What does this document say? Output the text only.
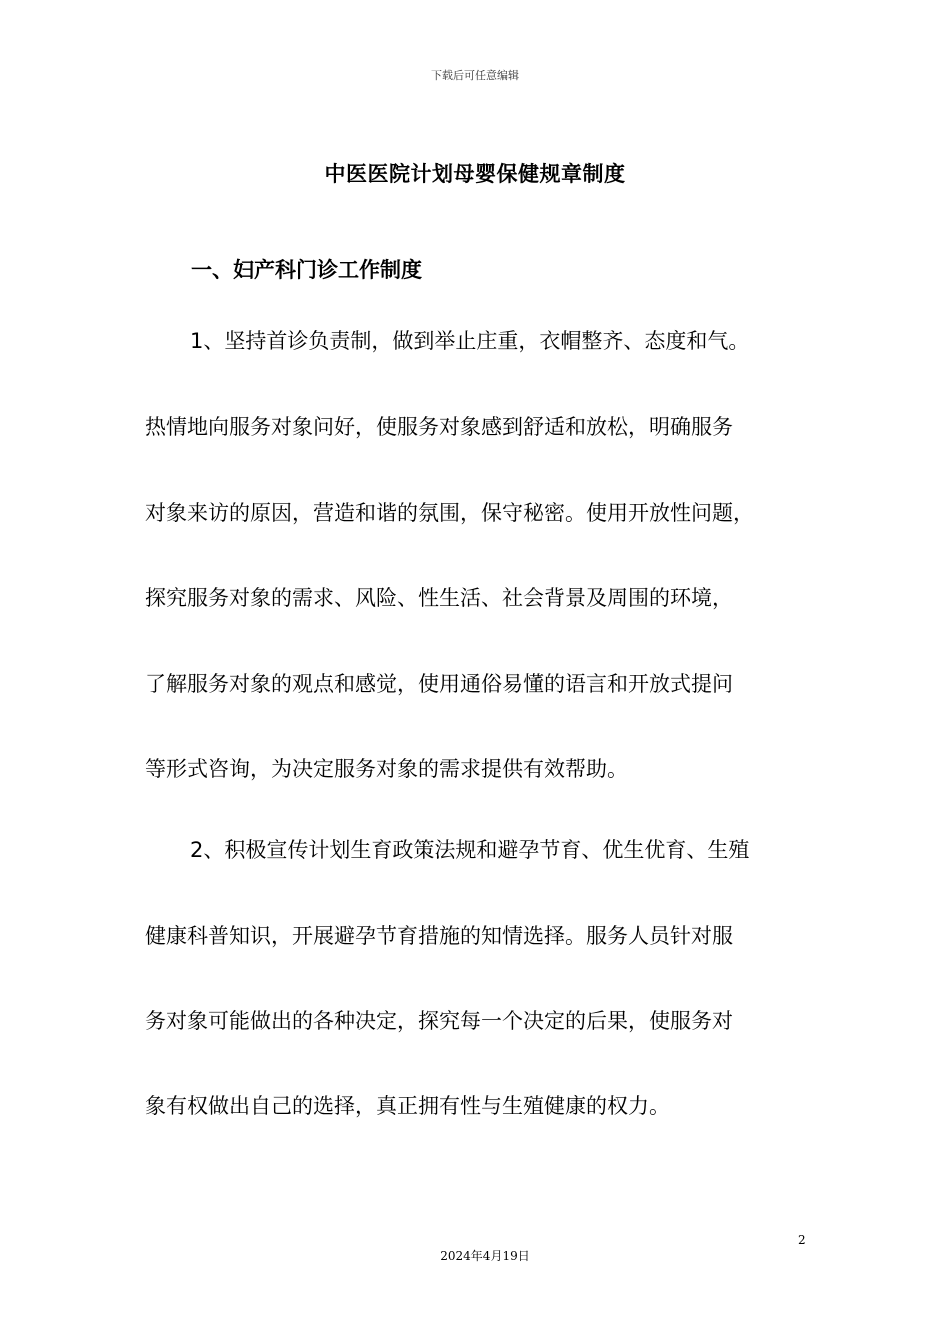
下载后可任意编辑
中医医院计划母婴保健规章制度
一、妇产科门诊工作制度
1、坚持首诊负责制，做到举止庄重，衣帽整齐、态度和气。
热情地向服务对象问好，使服务对象感到舒适和放松，明确服务
对象来访的原因，营造和谐的氛围，保守秘密。使用开放性问题，
探究服务对象的需求、风险、性生活、社会背景及周围的环境，
了解服务对象的观点和感觉，使用通俗易懂的语言和开放式提问
等形式咨询，为决定服务对象的需求提供有效帮助。
2、积极宣传计划生育政策法规和避孕节育、优生优育、生殖
健康科普知识，开展避孕节育措施的知情选择。服务人员针对服
务对象可能做出的各种决定，探究每一个决定的后果，使服务对
象有权做出自己的选择，真正拥有性与生殖健康的权力。
2
2024年4月19日
